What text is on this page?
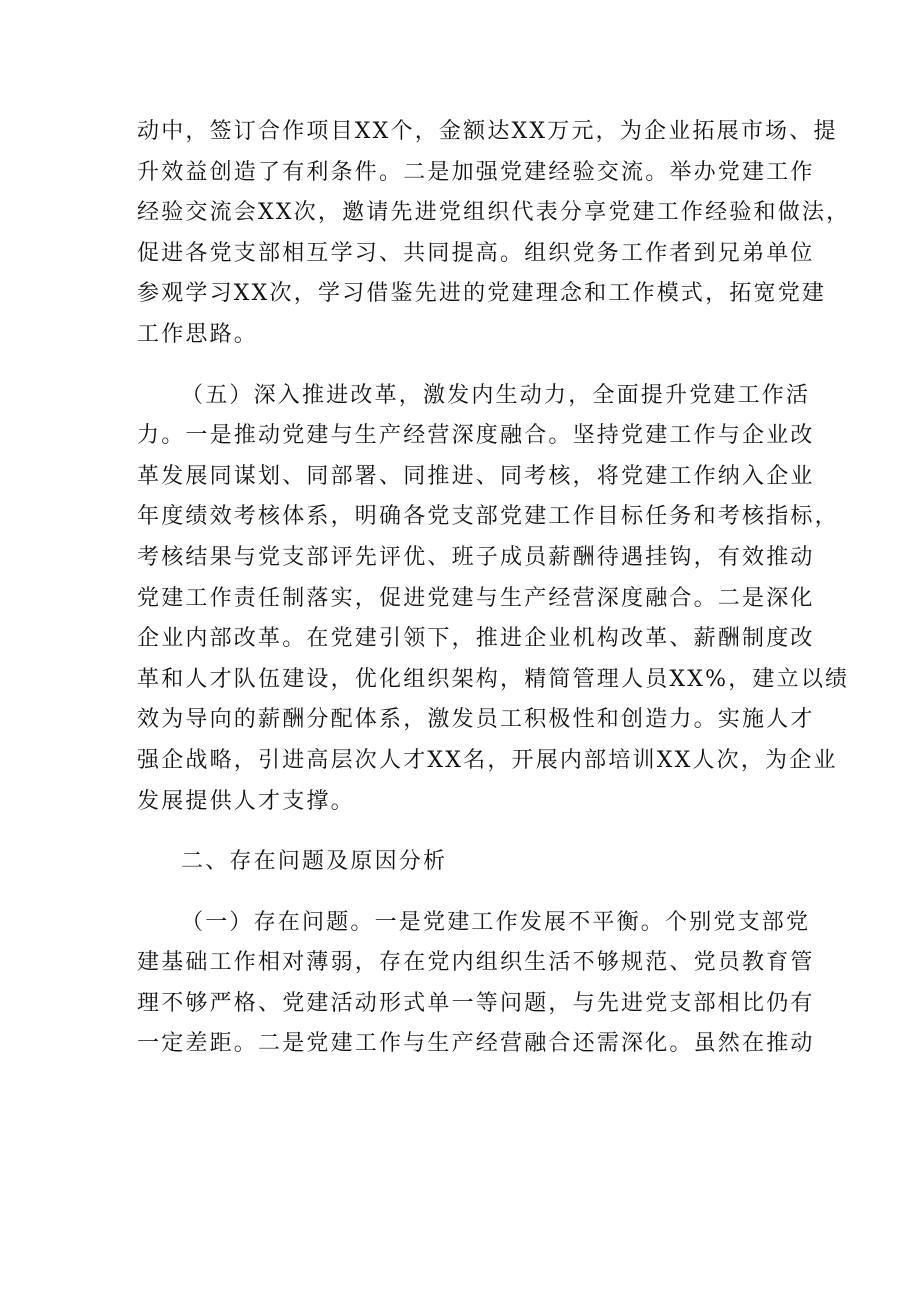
动中，签订合作项目XX个，金额达XX万元，为企业拓展市场、提
升效益创造了有利条件。二是加强党建经验交流。举办党建工作
经验交流会XX次，邀请先进党组织代表分享党建工作经验和做法，
促进各党支部相互学习、共同提高。组织党务工作者到兄弟单位
参观学习XX次，学习借鉴先进的党建理念和工作模式，拓宽党建
工作思路。
（五）深入推进改革，激发内生动力，全面提升党建工作活
力。一是推动党建与生产经营深度融合。坚持党建工作与企业改
革发展同谋划、同部署、同推进、同考核，将党建工作纳入企业
年度绩效考核体系，明确各党支部党建工作目标任务和考核指标，
考核结果与党支部评先评优、班子成员薪酬待遇挂钩，有效推动
党建工作责任制落实，促进党建与生产经营深度融合。二是深化
企业内部改革。在党建引领下，推进企业机构改革、薪酬制度改
革和人才队伍建设，优化组织架构，精简管理人员XX%，建立以绩
效为导向的薪酬分配体系，激发员工积极性和创造力。实施人才
强企战略，引进高层次人才XX名，开展内部培训XX人次，为企业
发展提供人才支撑。
二、存在问题及原因分析
（一）存在问题。一是党建工作发展不平衡。个别党支部党
建基础工作相对薄弱，存在党内组织生活不够规范、党员教育管
理不够严格、党建活动形式单一等问题，与先进党支部相比仍有
一定差距。二是党建工作与生产经营融合还需深化。虽然在推动
